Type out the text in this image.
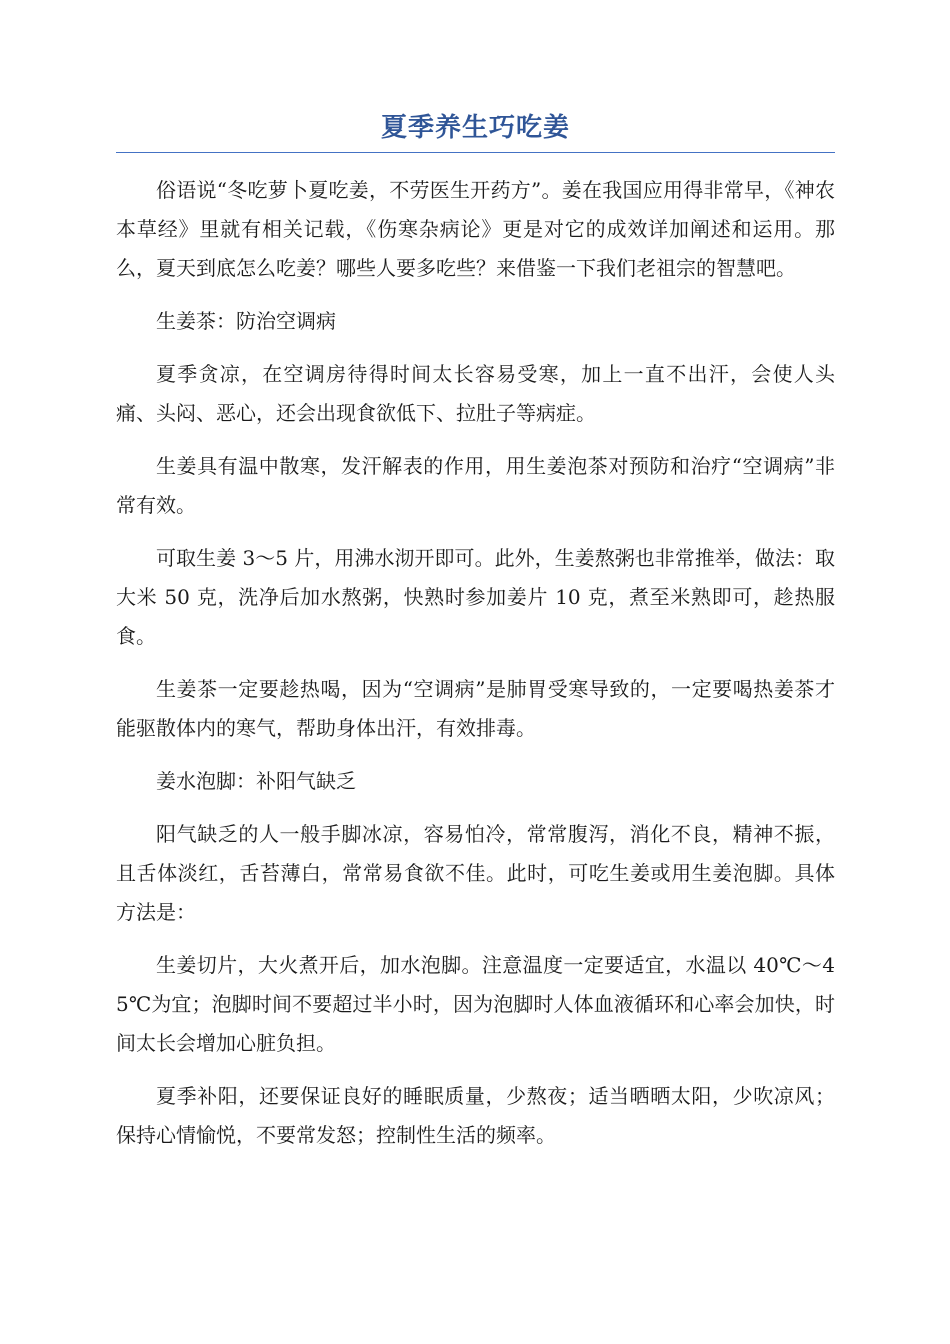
夏季养生巧吃姜

俗语说“冬吃萝卜夏吃姜，不劳医生开药方”。姜在我国应用得非常早，《神农本草经》里就有相关记载，《伤寒杂病论》更是对它的成效详加阐述和运用。那么，夏天到底怎么吃姜？哪些人要多吃些？来借鉴一下我们老祖宗的智慧吧。

生姜茶：防治空调病

夏季贪凉，在空调房待得时间太长容易受寒，加上一直不出汗，会使人头痛、头闷、恶心，还会出现食欲低下、拉肚子等病症。

生姜具有温中散寒，发汗解表的作用，用生姜泡茶对预防和治疗“空调病”非常有效。

可取生姜 3～5 片，用沸水沏开即可。此外，生姜熬粥也非常推举，做法：取大米 50 克，洗净后加水熬粥，快熟时参加姜片 10 克，煮至米熟即可，趁热服食。

生姜茶一定要趁热喝，因为“空调病”是肺胃受寒导致的，一定要喝热姜茶才能驱散体内的寒气，帮助身体出汗，有效排毒。

姜水泡脚：补阳气缺乏

阳气缺乏的人一般手脚冰凉，容易怕冷，常常腹泻，消化不良，精神不振，且舌体淡红，舌苔薄白，常常易食欲不佳。此时，可吃生姜或用生姜泡脚。具体方法是：

生姜切片，大火煮开后，加水泡脚。注意温度一定要适宜，水温以 40℃～45℃为宜；泡脚时间不要超过半小时，因为泡脚时人体血液循环和心率会加快，时间太长会增加心脏负担。

夏季补阳，还要保证良好的睡眠质量，少熬夜；适当晒晒太阳，少吹凉风；保持心情愉悦，不要常发怒；控制性生活的频率。
